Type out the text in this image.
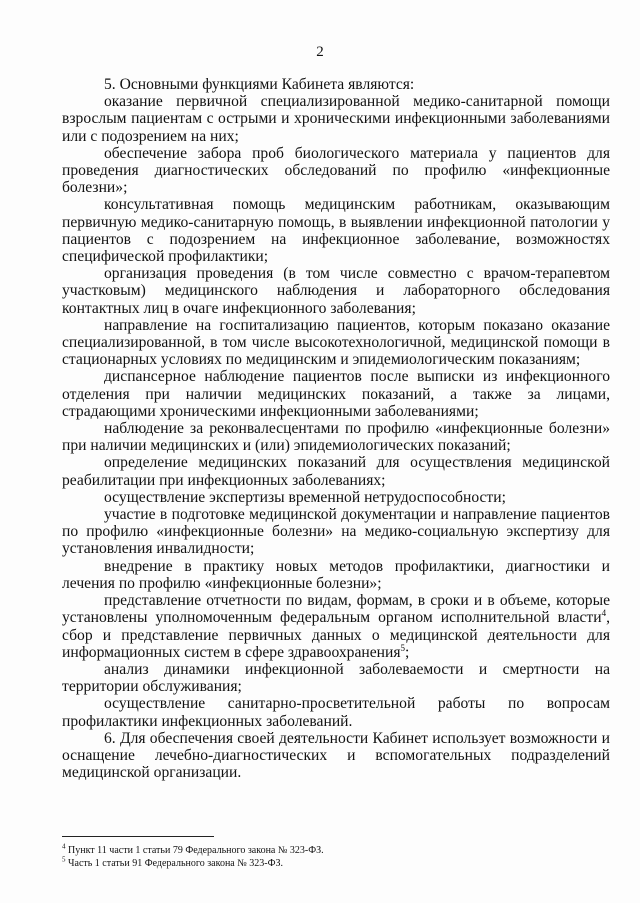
2

5. Основными функциями Кабинета являются:

оказание первичной специализированной медико-санитарной помощи взрослым пациентам с острыми и хроническими инфекционными заболеваниями или с подозрением на них;

обеспечение забора проб биологического материала у пациентов для проведения диагностических обследований по профилю «инфекционные болезни»;

консультативная помощь медицинским работникам, оказывающим первичную медико-санитарную помощь, в выявлении инфекционной патологии у пациентов с подозрением на инфекционное заболевание, возможностях специфической профилактики;

организация проведения (в том числе совместно с врачом-терапевтом участковым) медицинского наблюдения и лабораторного обследования контактных лиц в очаге инфекционного заболевания;

направление на госпитализацию пациентов, которым показано оказание специализированной, в том числе высокотехнологичной, медицинской помощи в стационарных условиях по медицинским и эпидемиологическим показаниям;

диспансерное наблюдение пациентов после выписки из инфекционного отделения при наличии медицинских показаний, а также за лицами, страдающими хроническими инфекционными заболеваниями;

наблюдение за реконвалесцентами по профилю «инфекционные болезни» при наличии медицинских и (или) эпидемиологических показаний;

определение медицинских показаний для осуществления медицинской реабилитации при инфекционных заболеваниях;

осуществление экспертизы временной нетрудоспособности;

участие в подготовке медицинской документации и направление пациентов по профилю «инфекционные болезни» на медико-социальную экспертизу для установления инвалидности;

внедрение в практику новых методов профилактики, диагностики и лечения по профилю «инфекционные болезни»;

представление отчетности по видам, формам, в сроки и в объеме, которые установлены уполномоченным федеральным органом исполнительной власти$^4$, сбор и представление первичных данных о медицинской деятельности для информационных систем в сфере здравоохранения$^5$;

анализ динамики инфекционной заболеваемости и смертности на территории обслуживания;

осуществление санитарно-просветительной работы по вопросам профилактики инфекционных заболеваний.

6. Для обеспечения своей деятельности Кабинет использует возможности и оснащение лечебно-диагностических и вспомогательных подразделений медицинской организации.

$^4$ Пункт 11 части 1 статьи 79 Федерального закона № 323-ФЗ.
$^5$ Часть 1 статьи 91 Федерального закона № 323-ФЗ.
